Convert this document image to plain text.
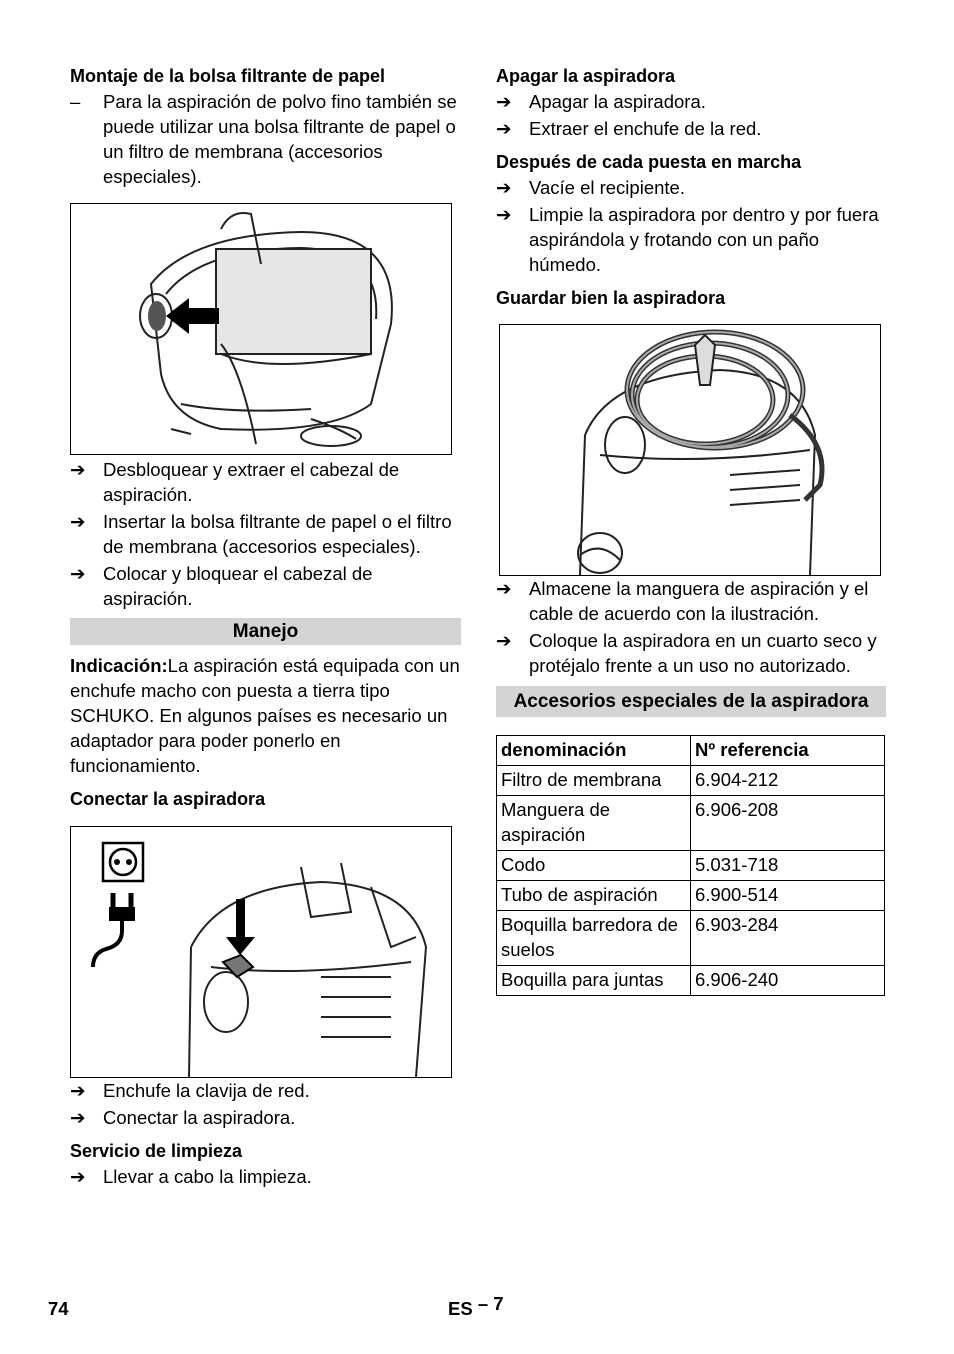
Montaje de la bolsa filtrante de papel

–	Para la aspiración de polvo fino también se puede utilizar una bolsa filtrante de papel o un filtro de membrana (accesorios especiales).
➔ Desbloquear y extraer el cabezal de aspiración.
➔ Insertar la bolsa filtrante de papel o el filtro de membrana (accesorios especiales).
➔ Colocar y bloquear el cabezal de aspiración.
Manejo

Indicación:La aspiración está equipada con un enchufe macho con puesta a tierra tipo SCHUKO. En algunos países es necesario un adaptador para poder ponerlo en funcionamiento.

Conectar la aspiradora

➔ Enchufe la clavija de red.
➔ Conectar la aspiradora.

Servicio de limpieza

➔ Llevar a cabo la limpieza.

Apagar la aspiradora

➔ Apagar la aspiradora.
➔ Extraer el enchufe de la red.

Después de cada puesta en marcha

➔ Vacíe el recipiente.
➔ Limpie la aspiradora por dentro y por fuera aspirándola y frotando con un paño húmedo.

Guardar bien la aspiradora

➔ Almacene la manguera de aspiración y el cable de acuerdo con la ilustración.
➔ Coloque la aspiradora en un cuarto seco y protéjalo frente a un uso no autorizado.
Accesorios especiales de la aspiradora
denominación	Nº referencia
Filtro de membrana	6.904-212
Manguera de aspiración	6.906-208
Codo	5.031-718
Tubo de aspiración	6.900-514
Boquilla barredora de suelos	6.903-284
Boquilla para juntas	6.906-240
74	ES – 7
